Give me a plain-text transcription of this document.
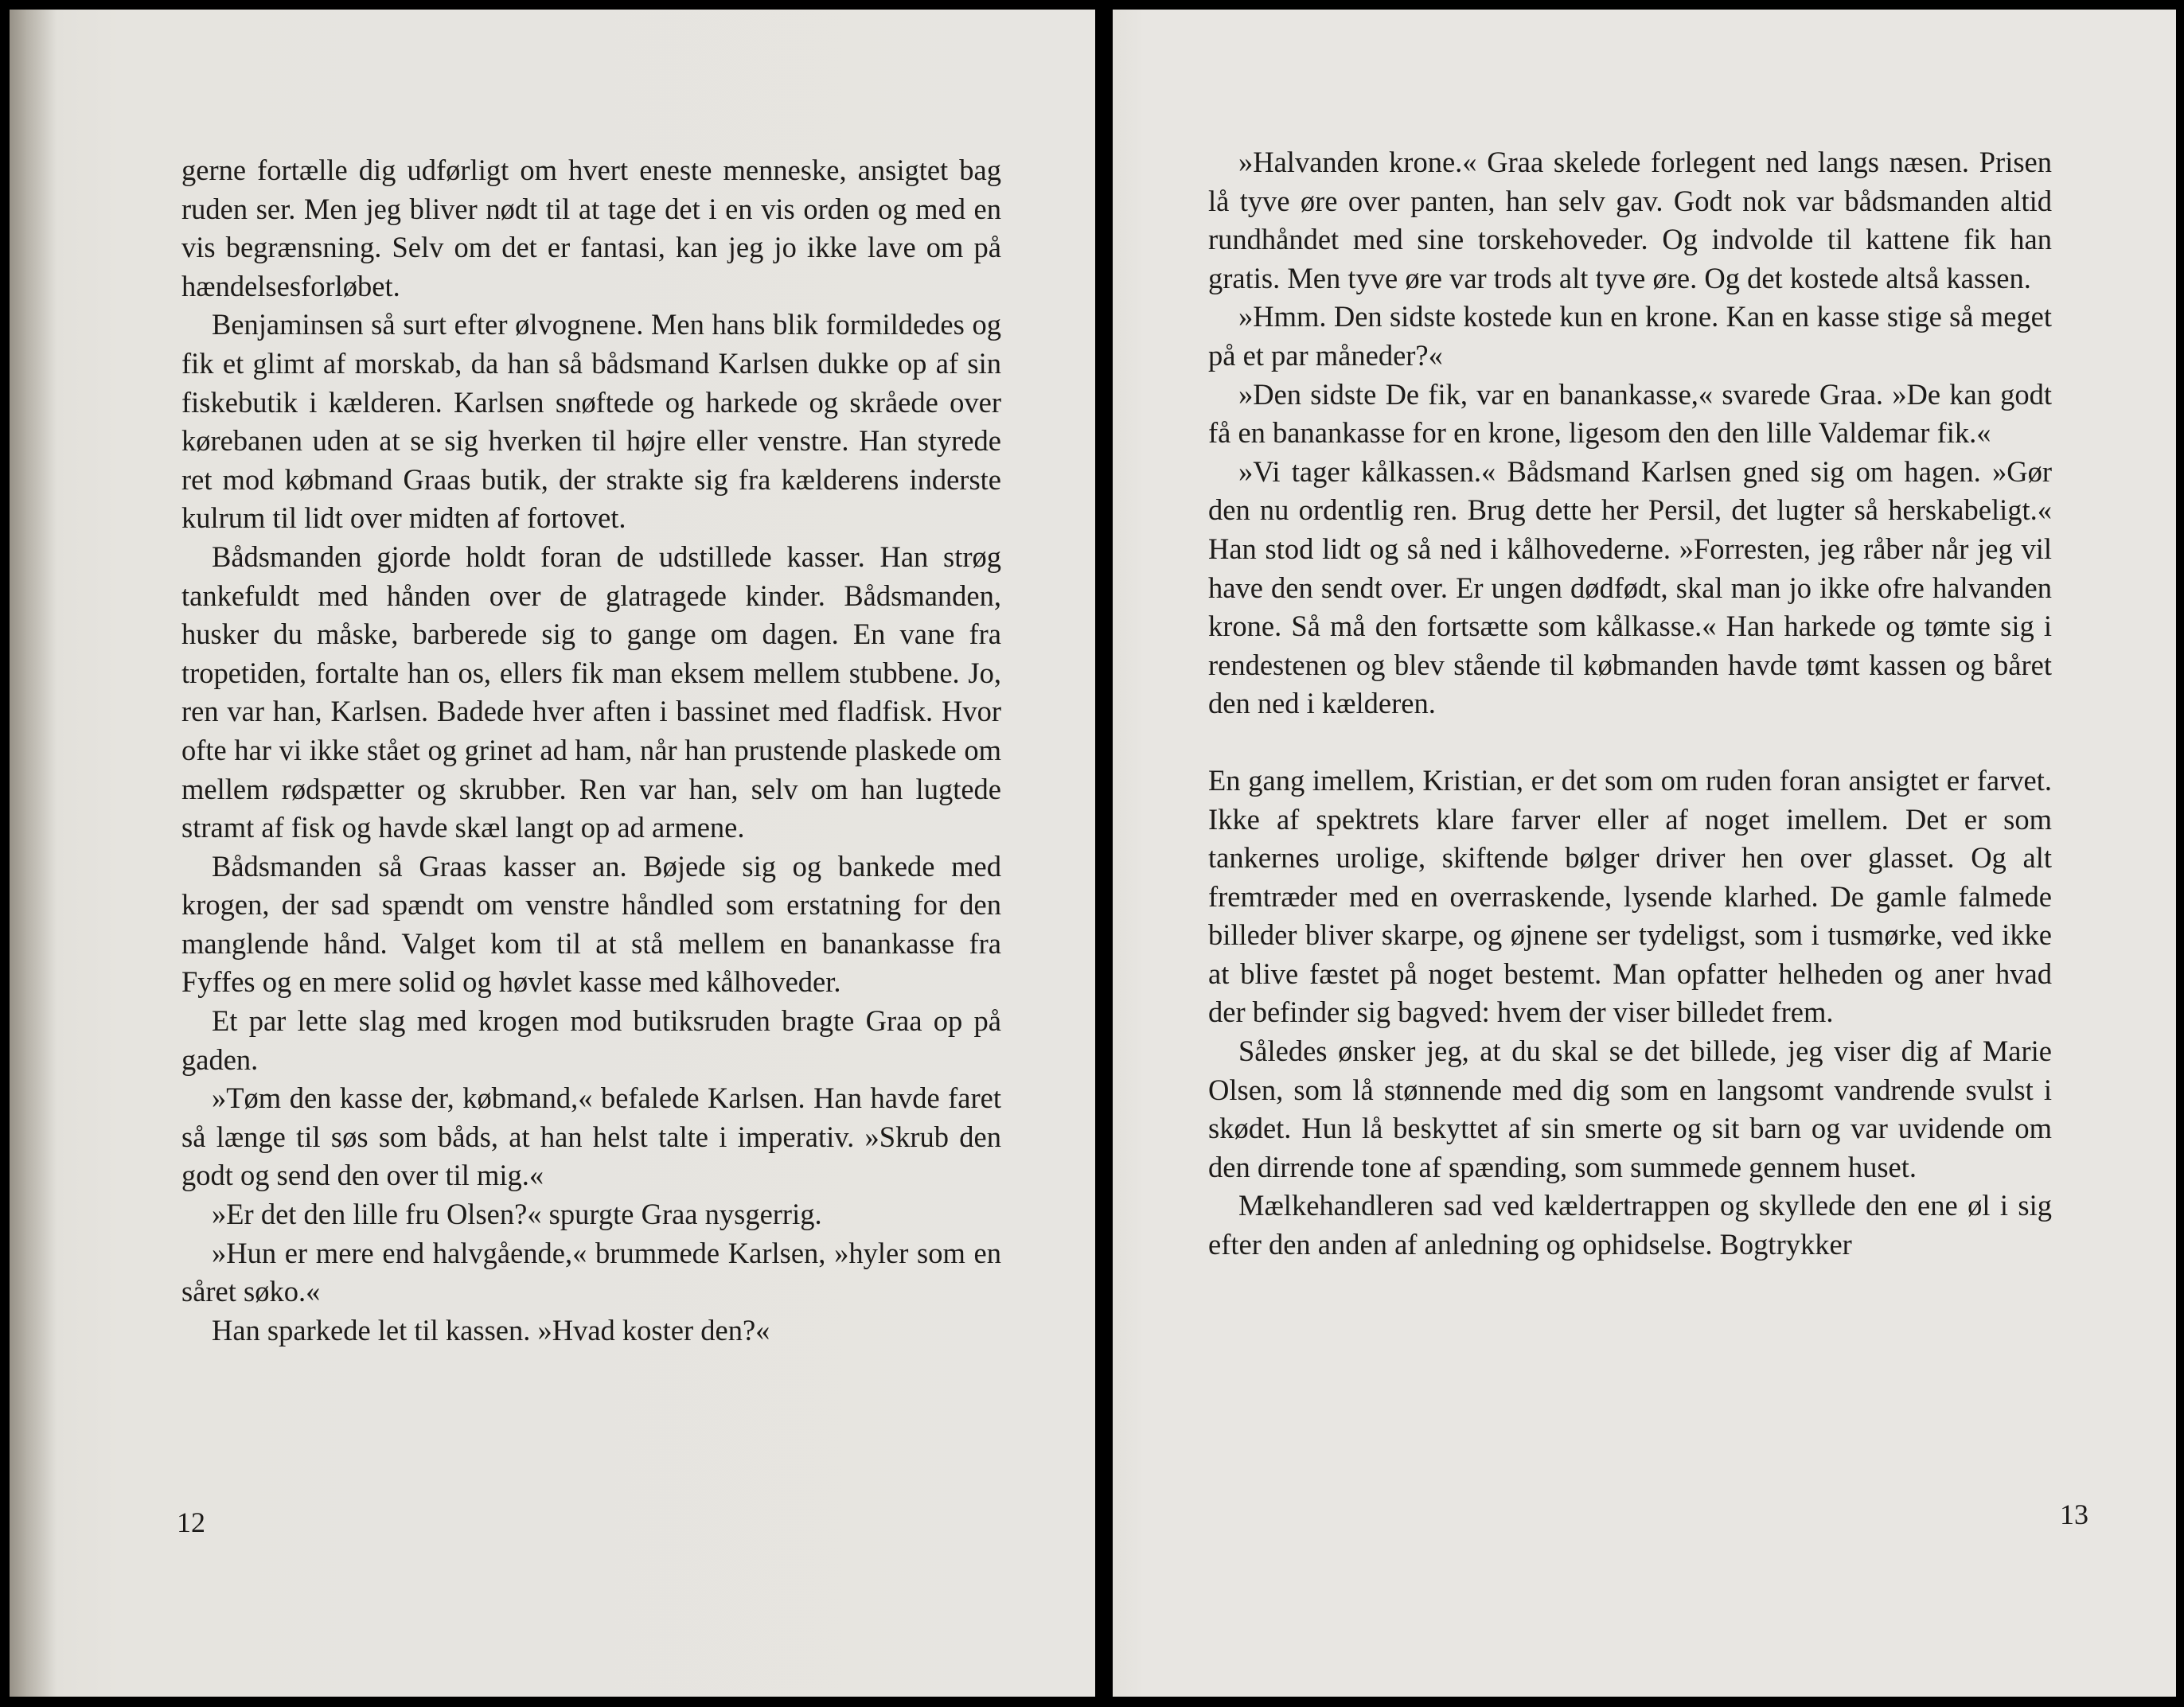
gerne fortælle dig udførligt om hvert eneste menneske, ansigtet bag ruden ser. Men jeg bliver nødt til at tage det i en vis orden og med en vis begrænsning. Selv om det er fantasi, kan jeg jo ikke lave om på hændelsesforløbet.

Benjaminsen så surt efter ølvognene. Men hans blik formildedes og fik et glimt af morskab, da han så bådsmand Karlsen dukke op af sin fiskebutik i kælderen. Karlsen snøftede og harkede og skråede over kørebanen uden at se sig hverken til højre eller venstre. Han styrede ret mod købmand Graas butik, der strakte sig fra kælderens inderste kulrum til lidt over midten af fortovet.

Bådsmanden gjorde holdt foran de udstillede kasser. Han strøg tankefuldt med hånden over de glatragede kinder. Bådsmanden, husker du måske, barberede sig to gange om dagen. En vane fra tropetiden, fortalte han os, ellers fik man eksem mellem stubbene. Jo, ren var han, Karlsen. Badede hver aften i bassinet med fladfisk. Hvor ofte har vi ikke stået og grinet ad ham, når han prustende plaskede om mellem rødspætter og skrubber. Ren var han, selv om han lugtede stramt af fisk og havde skæl langt op ad armene.

Bådsmanden så Graas kasser an. Bøjede sig og bankede med krogen, der sad spændt om venstre håndled som erstatning for den manglende hånd. Valget kom til at stå mellem en banankasse fra Fyffes og en mere solid og høvlet kasse med kålhoveder.

Et par lette slag med krogen mod butiksruden bragte Graa op på gaden.

»Tøm den kasse der, købmand,« befalede Karlsen. Han havde faret så længe til søs som båds, at han helst talte i imperativ. »Skrub den godt og send den over til mig.«

»Er det den lille fru Olsen?« spurgte Graa nysgerrig.

»Hun er mere end halvgående,« brummede Karlsen, »hyler som en såret søko.«

Han sparkede let til kassen. »Hvad koster den?«

12

»Halvanden krone.« Graa skelede forlegent ned langs næsen. Prisen lå tyve øre over panten, han selv gav. Godt nok var bådsmanden altid rundhåndet med sine torskehoveder. Og indvolde til kattene fik han gratis. Men tyve øre var trods alt tyve øre. Og det kostede altså kassen.

»Hmm. Den sidste kostede kun en krone. Kan en kasse stige så meget på et par måneder?«

»Den sidste De fik, var en banankasse,« svarede Graa. »De kan godt få en banankasse for en krone, ligesom den den lille Valdemar fik.«

»Vi tager kålkassen.« Bådsmand Karlsen gned sig om hagen. »Gør den nu ordentlig ren. Brug dette her Persil, det lugter så herskabeligt.« Han stod lidt og så ned i kålhovederne. »Forresten, jeg råber når jeg vil have den sendt over. Er ungen dødfødt, skal man jo ikke ofre halvanden krone. Så må den fortsætte som kålkasse.« Han harkede og tømte sig i rendestenen og blev stående til købmanden havde tømt kassen og båret den ned i kælderen.

En gang imellem, Kristian, er det som om ruden foran ansigtet er farvet. Ikke af spektrets klare farver eller af noget imellem. Det er som tankernes urolige, skiftende bølger driver hen over glasset. Og alt fremtræder med en overraskende, lysende klarhed. De gamle falmede billeder bliver skarpe, og øjnene ser tydeligst, som i tusmørke, ved ikke at blive fæstet på noget bestemt. Man opfatter helheden og aner hvad der befinder sig bagved: hvem der viser billedet frem.

Således ønsker jeg, at du skal se det billede, jeg viser dig af Marie Olsen, som lå stønnende med dig som en langsomt vandrende svulst i skødet. Hun lå beskyttet af sin smerte og sit barn og var uvidende om den dirrende tone af spænding, som summede gennem huset.

Mælkehandleren sad ved kældertrappen og skyllede den ene øl i sig efter den anden af anledning og ophidselse. Bogtrykker

13
